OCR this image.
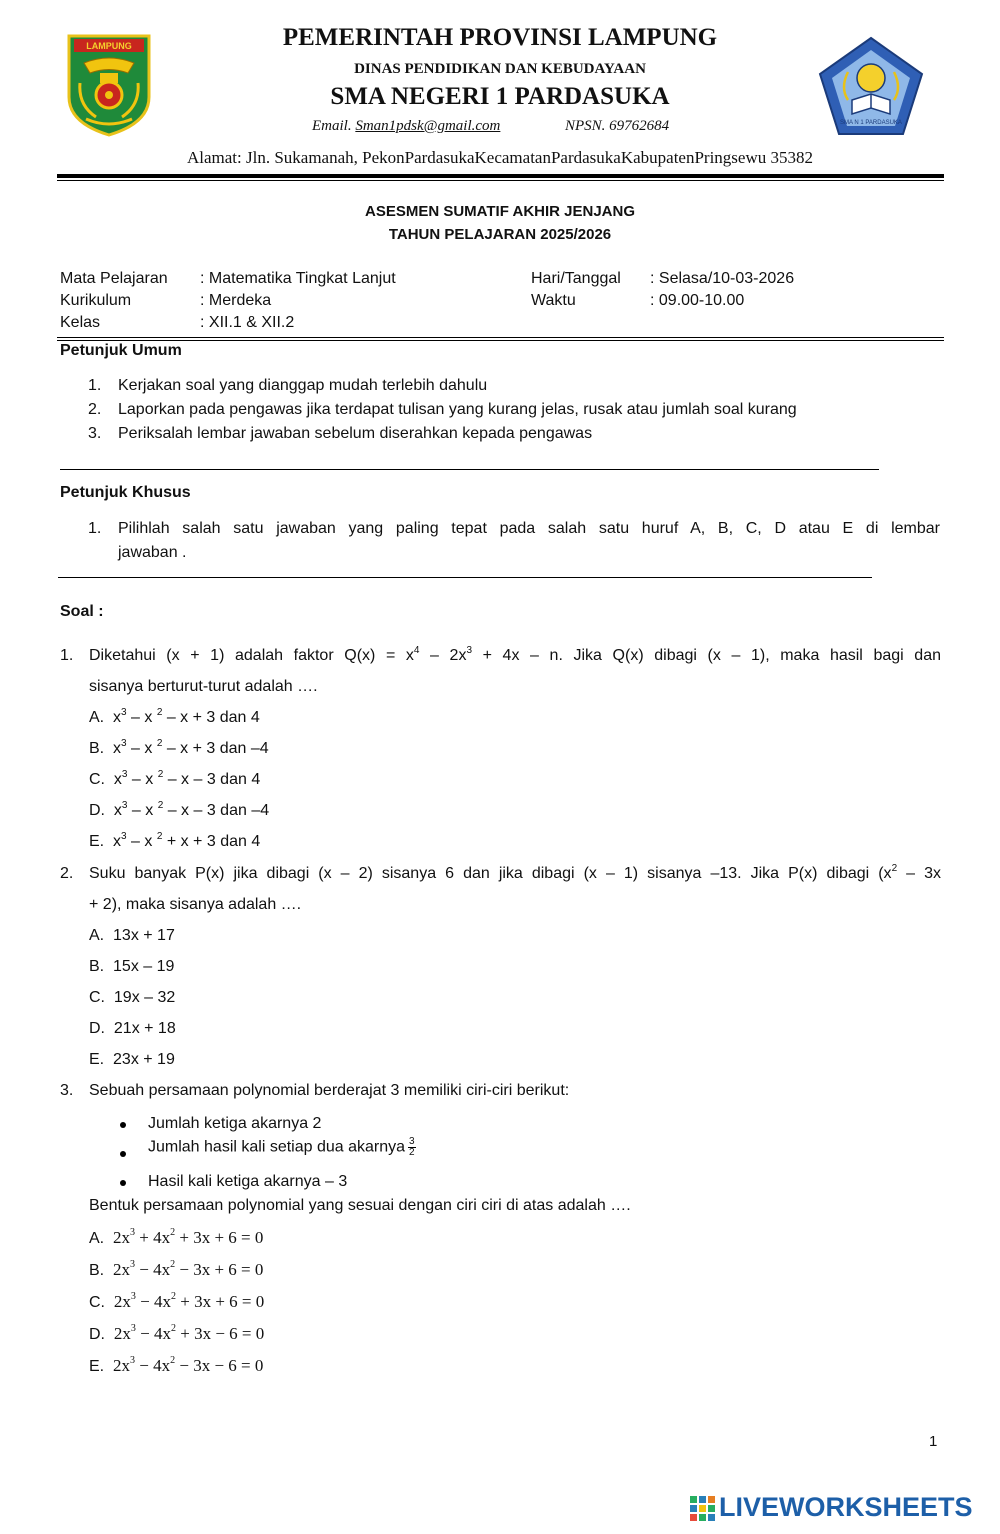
LAMPUNG	PEMERINTAH PROVINSI LAMPUNG
DINAS PENDIDIKAN DAN KEBUDAYAAN
SMA NEGERI 1 PARDASUKA
Email. Sman1pdsk@gmail.com	NPSN. 69762684	SMA N 1 PARDASUKA
Alamat: Jln. Sukamanah, PekonPardasukaKecamatanPardasukaKabupatenPringsewu 35382
ASESMEN SUMATIF AKHIR JENJANG
TAHUN PELAJARAN 2025/2026
Mata Pelajaran : Matematika Tingkat Lanjut	Hari/Tanggal : Selasa/10-03-2026
Kurikulum	: Merdeka	Waktu	: 09.00-10.00
Kelas	: XII.1 & XII.2
Petunjuk Umum
1. Kerjakan soal yang dianggap mudah terlebih dahulu
2. Laporkan pada pengawas jika terdapat tulisan yang kurang jelas, rusak atau jumlah soal kurang
3. Periksalah lembar jawaban sebelum diserahkan kepada pengawas
Petunjuk Khusus
1. Pilihlah salah satu jawaban yang paling tepat pada salah satu huruf A, B, C, D atau E di lembar
jawaban .
Soal :
1. Diketahui (x + 1) adalah faktor $Q(x) = x^4 - 2x^3 + 4x - n$. Jika Q(x) dibagi (x – 1), maka hasil bagi dan
sisanya berturut-turut adalah ….
A. $x^3$ – x $^2$ – x + 3 dan 4
B. $x^3$ – x $^2$ – x + 3 dan –4
C. $x^3$ – x $^2$ – x – 3 dan 4
D. $x^3$ – x $^2$ – x – 3 dan –4
E. $x^3$ – x $^2$ + x + 3 dan 4
2. Suku banyak P(x) jika dibagi (x – 2) sisanya 6 dan jika dibagi (x – 1) sisanya –13. Jika P(x) dibagi ($x^2 - 3x$
+ 2), maka sisanya adalah ….
A. 13x + 17
B. 15x – 19
C. 19x – 32
D. 21x + 18
E. 23x + 19
3. Sebuah persamaan polynomial berderajat 3 memiliki ciri-ciri berikut:
Jumlah ketiga akarnya 2
Jumlah hasil kali setiap dua akarnya $\frac{3}{2}$
Hasil kali ketiga akarnya – 3
Bentuk persamaan polynomial yang sesuai dengan ciri ciri di atas adalah ….
A. $2x^3 + 4x^2 + 3x + 6 = 0$
B. $2x^3 - 4x^2 - 3x + 6 = 0$
C. $2x^3 - 4x^2 + 3x + 6 = 0$
D. $2x^3 - 4x^2 + 3x - 6 = 0$
E. $2x^3 - 4x^2 - 3x - 6 = 0$
1
LIVEWORKSHEETS
